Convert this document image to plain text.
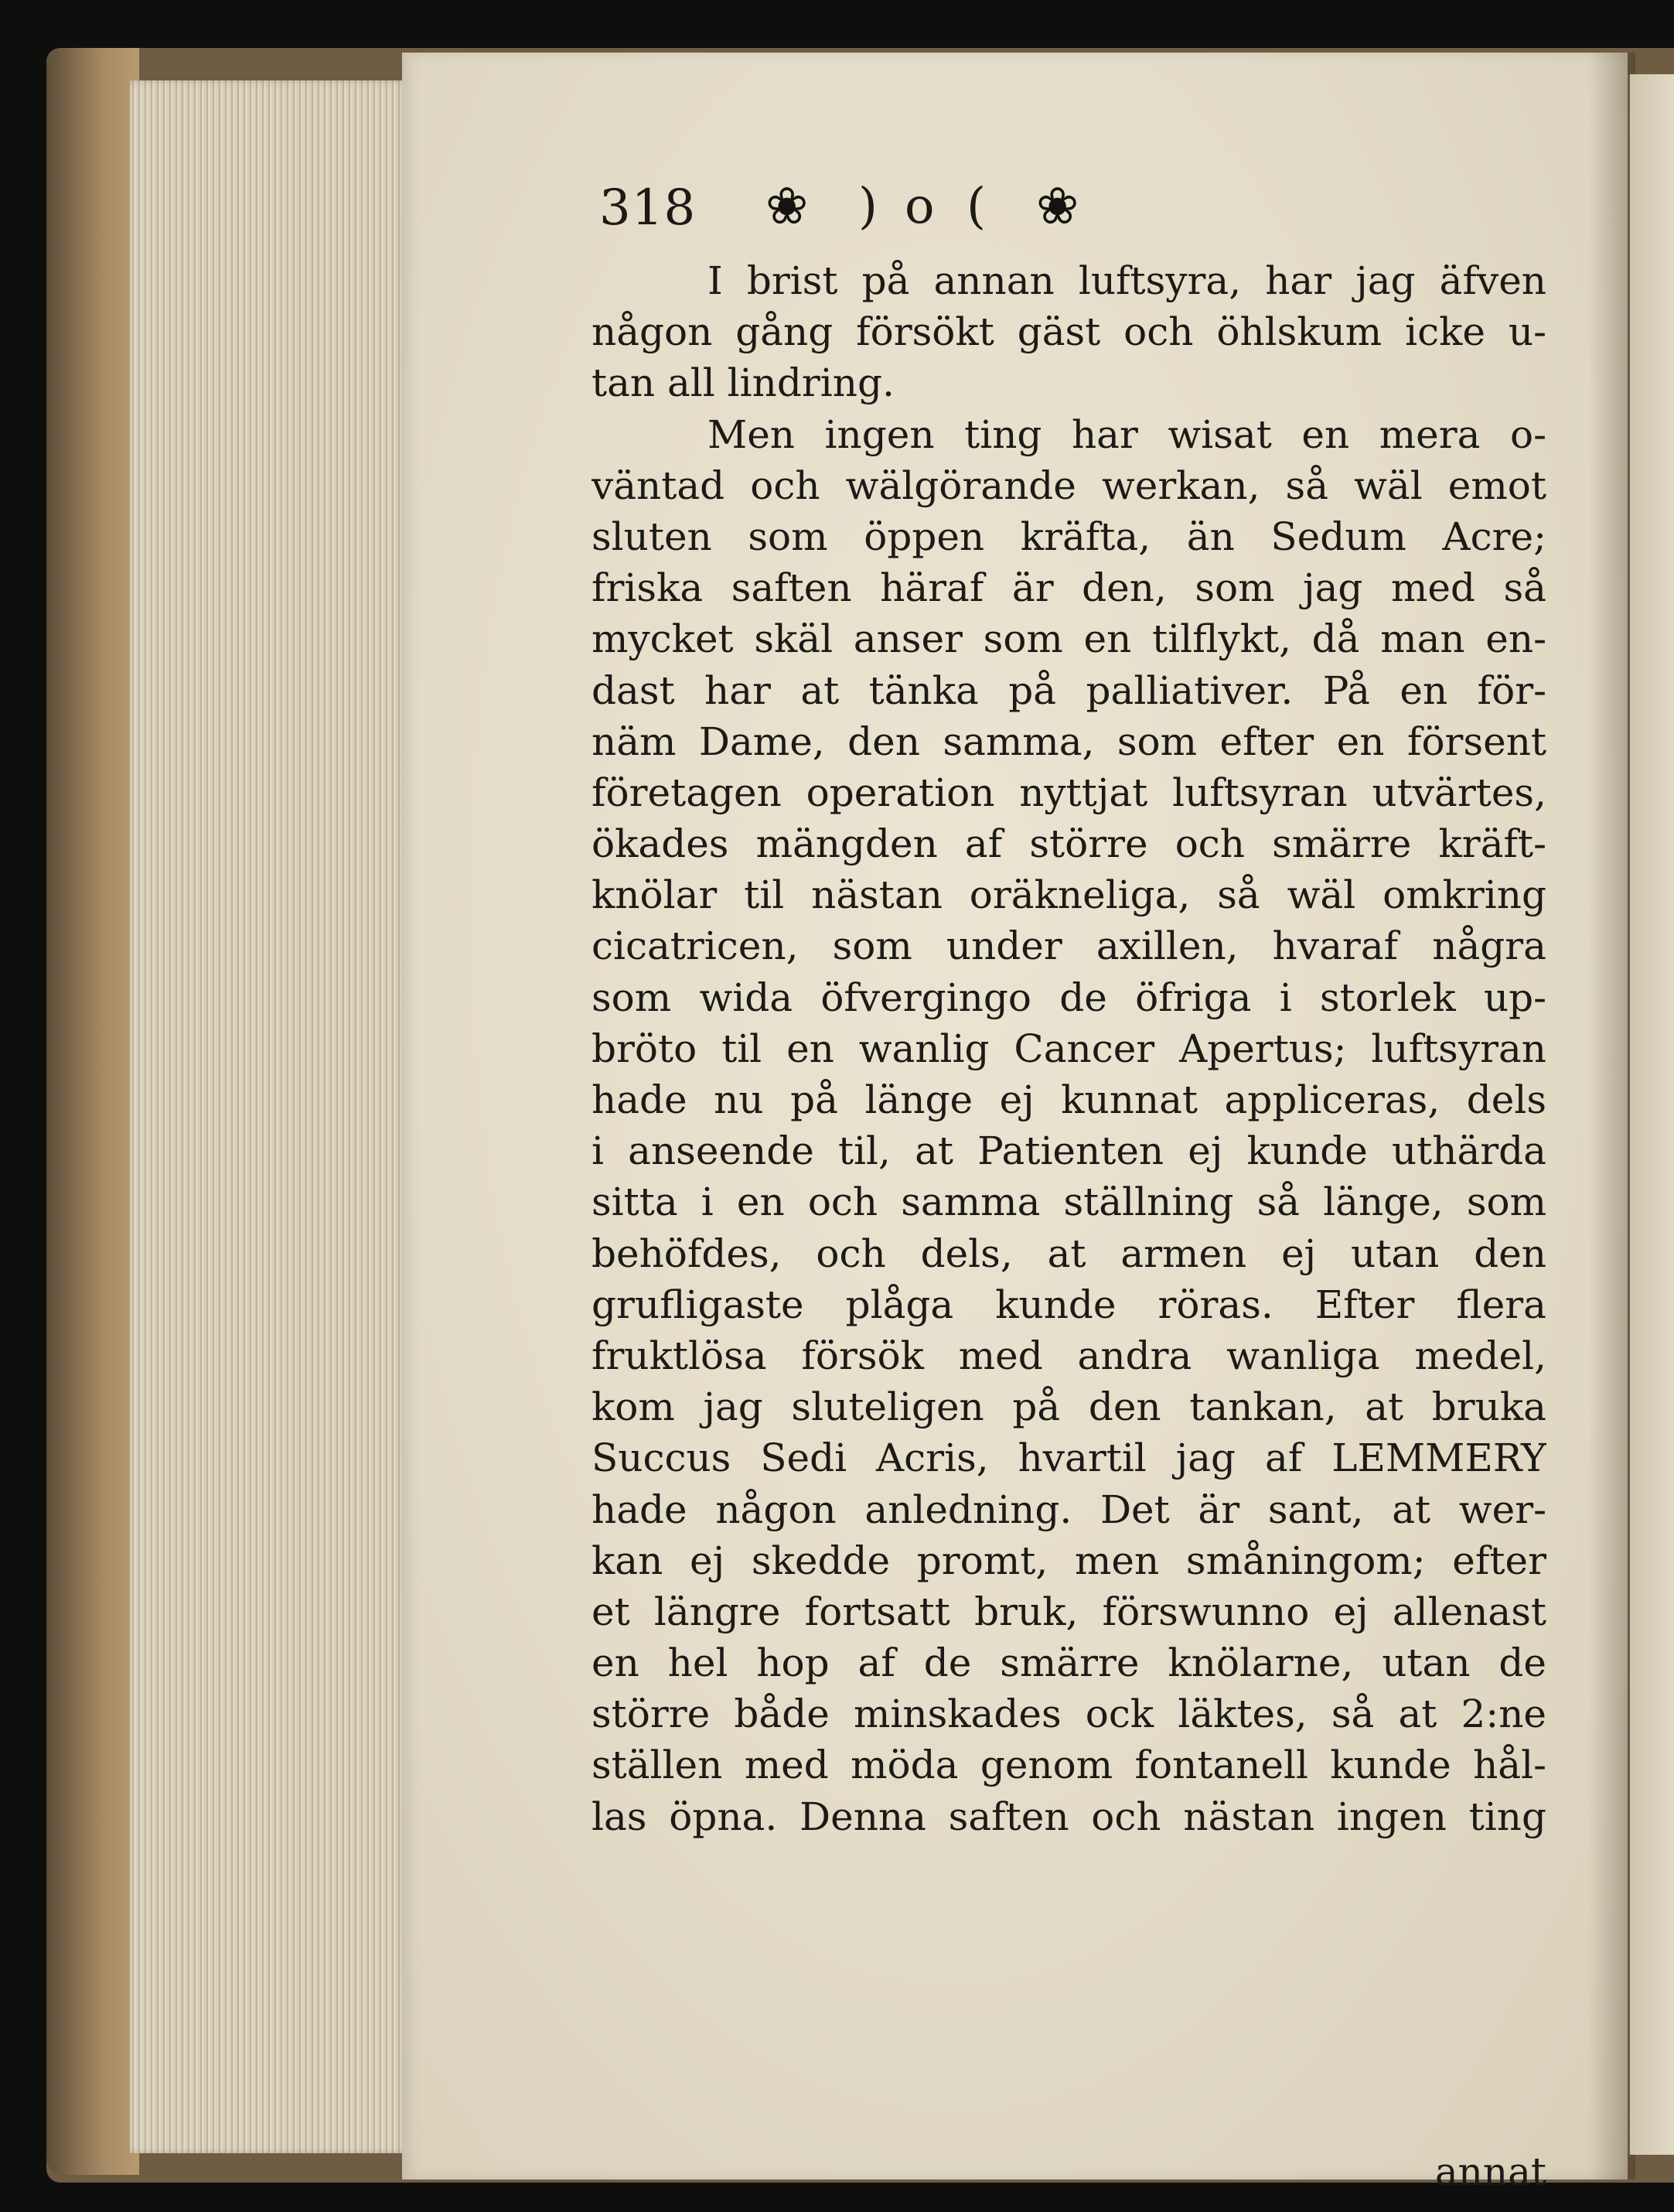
318 ❀ ) o ( ❀
I brist på annan luftsyra, har jag äfven
någon gång försökt gäst och öhlskum icke u-
tan all lindring.
Men ingen ting har wisat en mera o-
väntad och wälgörande werkan, så wäl emot
sluten som öppen kräfta, än Sedum Acre;
friska saften häraf är den, som jag med så
mycket skäl anser som en tilflykt, då man en-
dast har at tänka på palliativer. På en för-
näm Dame, den samma, som efter en försent
företagen operation nyttjat luftsyran utvärtes,
ökades mängden af större och smärre kräft-
knölar til nästan oräkneliga, så wäl omkring
cicatricen, som under axillen, hvaraf några
som wida öfvergingo de öfriga i storlek up-
bröto til en wanlig Cancer Apertus; luftsyran
hade nu på länge ej kunnat appliceras, dels
i anseende til, at Patienten ej kunde uthärda
sitta i en och samma ställning så länge, som
behöfdes, och dels, at armen ej utan den
grufligaste plåga kunde röras. Efter flera
fruktlösa försök med andra wanliga medel,
kom jag sluteligen på den tankan, at bruka
Succus Sedi Acris, hvartil jag af LEMMERY
hade någon anledning. Det är sant, at wer-
kan ej skedde promt, men småningom; efter
et längre fortsatt bruk, förswunno ej allenast
en hel hop af de smärre knölarne, utan de
större både minskades ock läktes, så at 2:ne
ställen med möda genom fontanell kunde hål-
las öpna. Denna saften och nästan ingen ting
annat
